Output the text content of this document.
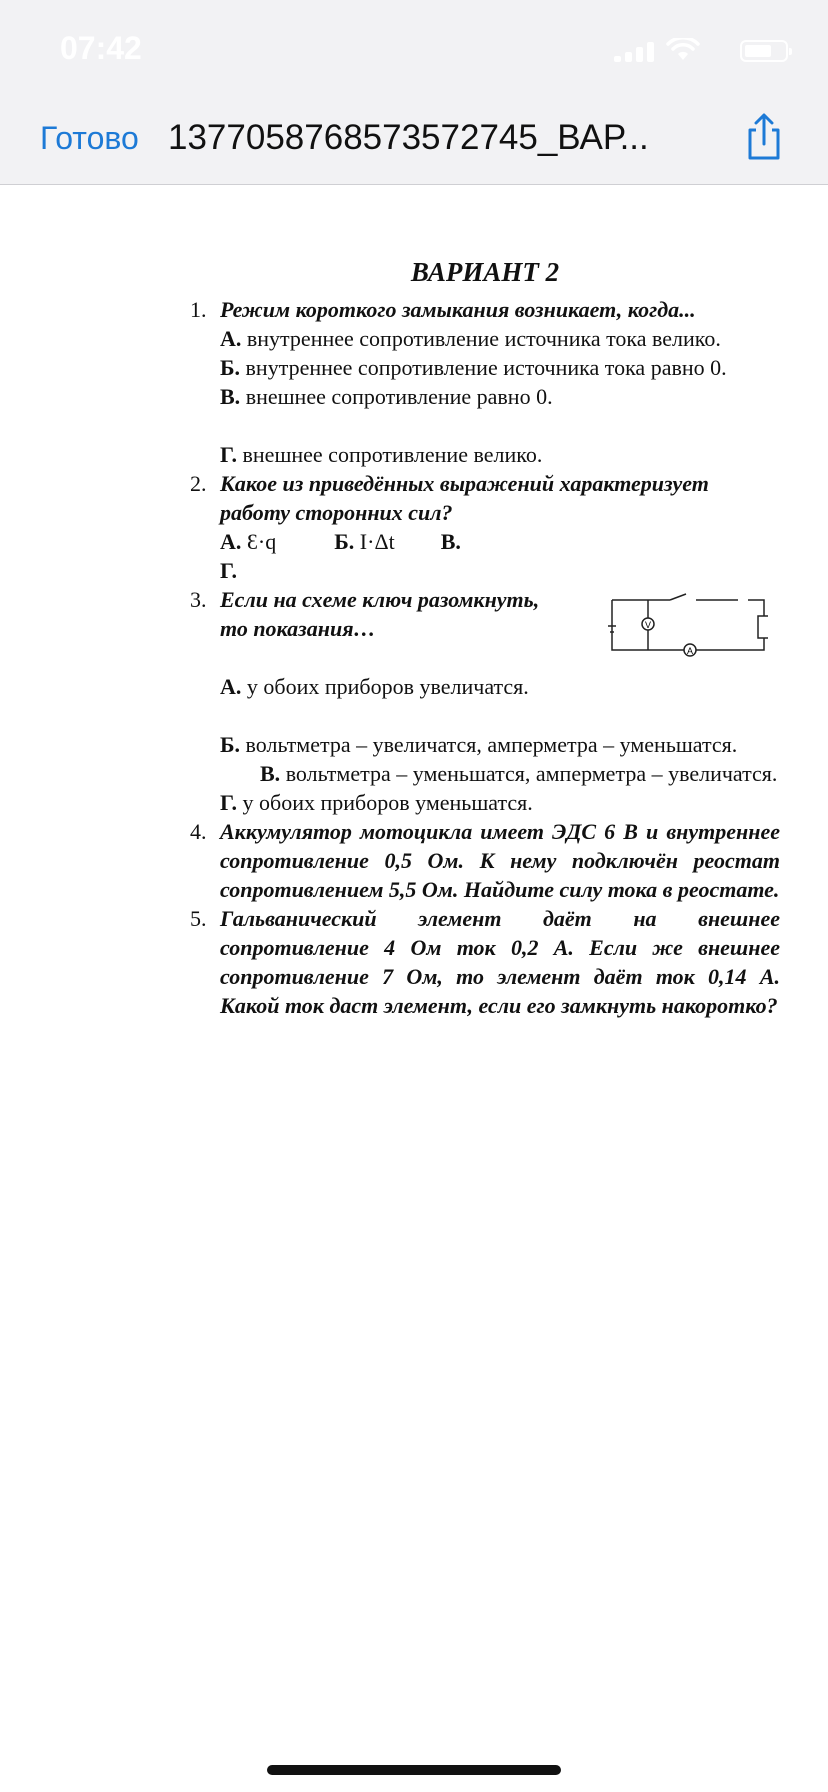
07:42
Готово 137705876857357274​5_ВАР...
ВАРИАНТ 2
1. Режим короткого замыкания возникает, когда...
А. внутреннее сопротивление источника тока велико.
Б. внутреннее сопротивление источника тока равно 0.
В. внешнее сопротивление равно 0.
Г. внешнее сопротивление велико.
2. Какое из приведённых выражений характеризует работу сторонних сил?
А. Ɛ·q	Б. I·Δt В.
Г.
3. Если на схеме ключ разомкнуть, то показания…
А. у обоих приборов увеличатся.
Б. вольтметра – увеличатся, амперметра – уменьшатся.
В. вольтметра – уменьшатся, амперметра – увеличатся.
Г. у обоих приборов уменьшатся.
4. Аккумулятор мотоцикла имеет ЭДС 6 В и внутреннее сопротивление 0,5 Ом. К нему подключён реостат сопротивлением 5,5 Ом. Найдите силу тока в реостате.
5. Гальванический элемент даёт на внешнее сопротивление 4 Ом ток 0,2 А. Если же внешнее сопротивление 7 Ом, то элемент даёт ток 0,14 А. Какой ток даст элемент, если его замкнуть накоротко?
V
A
